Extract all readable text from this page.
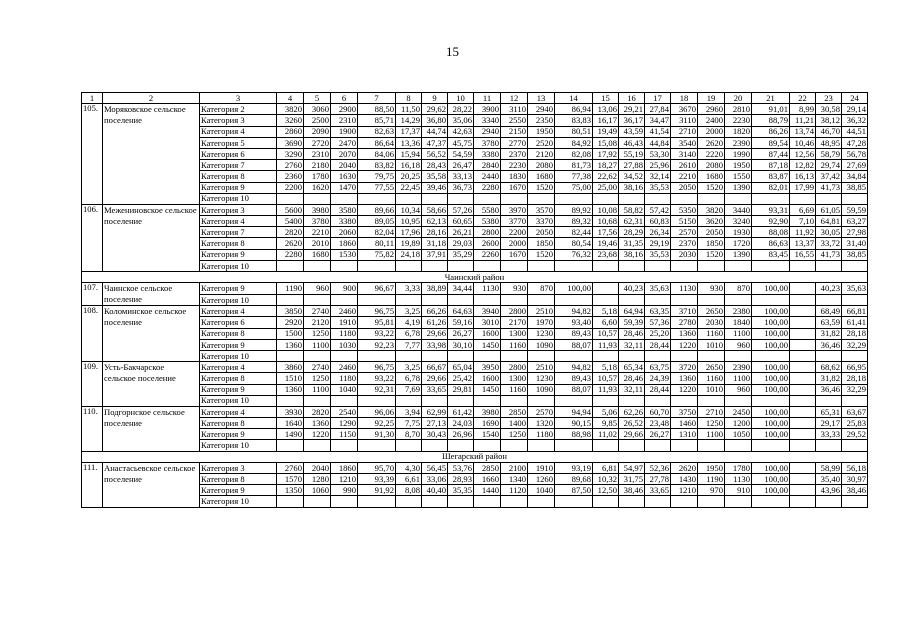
15
1	2	3	4	5	6	7	8	9	10	11	12	13	14	15	16	17	18	19	20	21	22	23	24
105.	Моряковское сельское поселение	Категория 2	3820	3060	2900	88,50	11,50	29,62	28,22	3900	3110	2940	86,94	13,06	29,21	27,84	3670	2960	2810	91,01	8,99	30,58	29,14
		Категория 3	3260	2500	2310	85,71	14,29	36,80	35,06	3340	2550	2350	83,83	16,17	36,17	34,47	3110	2400	2230	88,79	11,21	38,12	36,32
		Категория 4	2860	2090	1900	82,63	17,37	44,74	42,63	2940	2150	1950	80,51	19,49	43,59	41,54	2710	2000	1820	86,26	13,74	46,70	44,51
		Категория 5	3690	2720	2470	86,64	13,36	47,37	45,75	3780	2770	2520	84,92	15,08	46,43	44,84	3540	2620	2390	89,54	10,46	48,95	47,28
		Категория 6	3290	2310	2070	84,06	15,94	56,52	54,59	3380	2370	2120	82,08	17,92	55,19	53,30	3140	2220	1990	87,44	12,56	58,79	56,78
		Категория 7	2760	2180	2040	83,82	16,18	28,43	26,47	2840	2230	2080	81,73	18,27	27,88	25,96	2610	2080	1950	87,18	12,82	29,74	27,69
		Категория 8	2360	1780	1630	79,75	20,25	35,58	33,13	2440	1830	1680	77,38	22,62	34,52	32,14	2210	1680	1550	83,87	16,13	37,42	34,84
		Категория 9	2200	1620	1470	77,55	22,45	39,46	36,73	2280	1670	1520	75,00	25,00	38,16	35,53	2050	1520	1390	82,01	17,99	41,73	38,85
		Категория 10																					
106.	Межениновское сельское поселение	Категория 3	5600	3980	3580	89,66	10,34	58,66	57,26	5580	3970	3570	89,92	10,08	58,82	57,42	5350	3820	3440	93,31	6,69	61,05	59,59
		Категория 4	5400	3780	3380	89,05	10,95	62,13	60,65	5380	3770	3370	89,32	10,68	62,31	60,83	5150	3620	3240	92,90	7,10	64,81	63,27
		Категория 7	2820	2210	2060	82,04	17,96	28,16	26,21	2800	2200	2050	82,44	17,56	28,29	26,34	2570	2050	1930	88,08	11,92	30,05	27,98
		Категория 8	2620	2010	1860	80,11	19,89	31,18	29,03	2600	2000	1850	80,54	19,46	31,35	29,19	2370	1850	1720	86,63	13,37	33,72	31,40
		Категория 9	2280	1680	1530	75,82	24,18	37,91	35,29	2260	1670	1520	76,32	23,68	38,16	35,53	2030	1520	1390	83,45	16,55	41,73	38,85
		Категория 10																					
Чаинский район																							
107.	Чаинское сельское поселение	Категория 9	1190	960	900	96,67	3,33	38,89	34,44	1130	930	870	100,00		40,23	35,63	1130	930	870	100,00		40,23	35,63
		Категория 10																					
108.	Коломинское сельское поселение	Категория 4	3850	2740	2460	96,75	3,25	66,26	64,63	3940	2800	2510	94,82	5,18	64,94	63,35	3710	2650	2380	100,00		68,49	66,81
		Категория 6	2920	2120	1910	95,81	4,19	61,26	59,16	3010	2170	1970	93,40	6,60	59,39	57,36	2780	2030	1840	100,00		63,59	61,41
		Категория 8	1500	1250	1180	93,22	6,78	29,66	26,27	1600	1300	1230	89,43	10,57	28,46	25,20	1360	1160	1100	100,00		31,82	28,18
		Категория 9	1360	1100	1030	92,23	7,77	33,98	30,10	1450	1160	1090	88,07	11,93	32,11	28,44	1220	1010	960	100,00		36,46	32,29
		Категория 10																					
109.	Усть-Бакчарское сельское поселение	Категория 4	3860	2740	2460	96,75	3,25	66,67	65,04	3950	2800	2510	94,82	5,18	65,34	63,75	3720	2650	2390	100,00		68,62	66,95
		Категория 8	1510	1250	1180	93,22	6,78	29,66	25,42	1600	1300	1230	89,43	10,57	28,46	24,39	1360	1160	1100	100,00		31,82	28,18
		Категория 9	1360	1100	1040	92,31	7,69	33,65	29,81	1450	1160	1090	88,07	11,93	32,11	28,44	1220	1010	960	100,00		36,46	32,29
		Категория 10																					
110.	Подгорнское сельское поселение	Категория 4	3930	2820	2540	96,06	3,94	62,99	61,42	3980	2850	2570	94,94	5,06	62,26	60,70	3750	2710	2450	100,00		65,31	63,67
		Категория 8	1640	1360	1290	92,25	7,75	27,13	24,03	1690	1400	1320	90,15	9,85	26,52	23,48	1460	1250	1200	100,00		29,17	25,83
		Категория 9	1490	1220	1150	91,30	8,70	30,43	26,96	1540	1250	1180	88,98	11,02	29,66	26,27	1310	1100	1050	100,00		33,33	29,52
		Категория 10																					
Шегарский район																							
111.	Анастасьевское сельское поселение	Категория 3	2760	2040	1860	95,70	4,30	56,45	53,76	2850	2100	1910	93,19	6,81	54,97	52,36	2620	1950	1780	100,00		58,99	56,18
		Категория 8	1570	1280	1210	93,39	6,61	33,06	28,93	1660	1340	1260	89,68	10,32	31,75	27,78	1430	1190	1130	100,00		35,40	30,97
		Категория 9	1350	1060	990	91,92	8,08	40,40	35,35	1440	1120	1040	87,50	12,50	38,46	33,65	1210	970	910	100,00		43,96	38,46
		Категория 10																					
